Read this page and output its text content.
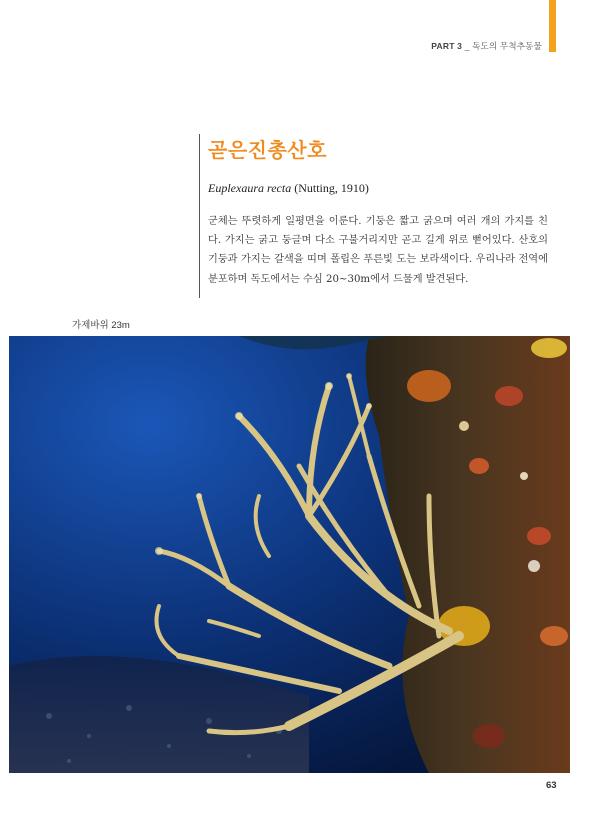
PART 3 _ 독도의 무척추동물
곧은진총산호
Euplexaura recta (Nutting, 1910)

군체는 뚜렷하게 일평면을 이룬다. 기둥은 짧고 굵으며 여러 개의 가지를 친다. 가지는 굵고 둥글며 다소 구불거리지만 곧고 길게 위로 뻗어있다. 산호의 기둥과 가지는 갈색을 띠며 폴립은 푸른빛 도는 보라색이다. 우리나라 전역에 분포하며 독도에서는 수심 20~30m에서 드물게 발견된다.

가제바위 23m
63
